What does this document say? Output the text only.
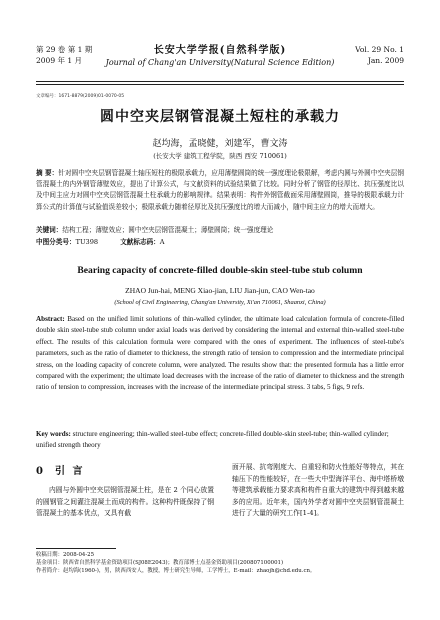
第 29 卷 第 1 期
2009 年 1 月
长安大学学报(自然科学版)
Journal of Chang'an University(Natural Science Edition)
Vol. 29 No. 1
Jan. 2009
文章编号：1671-8879(2009)01-0070-05
圆中空夹层钢管混凝土短柱的承载力
赵均海，孟晓健，刘建军，曹文涛
(长安大学 建筑工程学院，陕西 西安 710061)
摘 要：针对圆中空夹层钢管混凝土轴压短柱的极限承载力，应用薄壁圆筒的统一强度理论极限解，考虑内圆与外圆中空夹层钢管混凝土的内外钢管薄壁效应，提出了计算公式，与文献资料的试验结果做了比较。同时分析了钢管的径厚比、抗压强度比以及中间主应力对圆中空夹层钢管混凝土柱承载力的影响规律。结果表明：构件外钢管截面采用薄壁圆筒，推导的极限承载力计算公式的计算值与试验值误差较小；极限承载力随着径厚比及抗压强度比的增大而减小，随中间主应力的增大而增大。
关键词：结构工程；薄壁效应；圆中空夹层钢管混凝土；薄壁圆筒；统一强度理论
中图分类号：TU398	文献标志码：A
Bearing capacity of concrete-filled double-skin steel-tube stub column
ZHAO Jun-hai, MENG Xiao-jian, LIU Jian-jun, CAO Wen-tao
(School of Civil Engineering, Chang'an University, Xi'an 710061, Shaanxi, China)
Abstract: Based on the unified limit solutions of thin-walled cylinder, the ultimate load calculation formula of concrete-filled double skin steel-tube stub column under axial loads was derived by considering the internal and external thin-walled steel-tube effect. The results of this calculation formula were compared with the ones of experiment. The influences of steel-tube's parameters, such as the ratio of diameter to thickness, the strength ratio of tension to compression and the intermediate principal stress, on the loading capacity of concrete column, were analyzed. The results show that: the presented formula has a little error compared with the experiment; the ultimate load decreases with the increase of the ratio of diameter to thickness and the strength ratio of tension to compression, increases with the increase of the intermediate principal stress. 3 tabs, 5 figs, 9 refs.
Key words: structure engineering; thin-walled steel-tube effect; concrete-filled double-skin steel-tube; thin-walled cylinder; unified strength theory
0 引 言
内圆与外圆中空夹层钢管混凝土柱，是在 2 个同心放置的圆钢管之间灌注混凝土而成的构件。这种构件既保持了钢管混凝土的基本优点，又具有截
面开展、抗弯刚度大、自重轻和防火性能好等特点，其在轴压下的性能较好，在一些大中型海洋平台、海中塔桥墩等建筑承载能力要求高和构件自重大的建筑中得到越来越多的应用。近年来，国内外学者对圆中空夹层钢管混凝土进行了大量的研究工作[1-4]。
收稿日期：2008-04-25
基金项目：陕西省自然科学基金资助项目(SJ08E2043)；教育部博士点基金资助项目(200807100001)
作者简介：赵均海(1960-)，男，陕西西安人，教授，博士研究生导师，工学博士，E-mail：zhaojh@chd.edu.cn。
